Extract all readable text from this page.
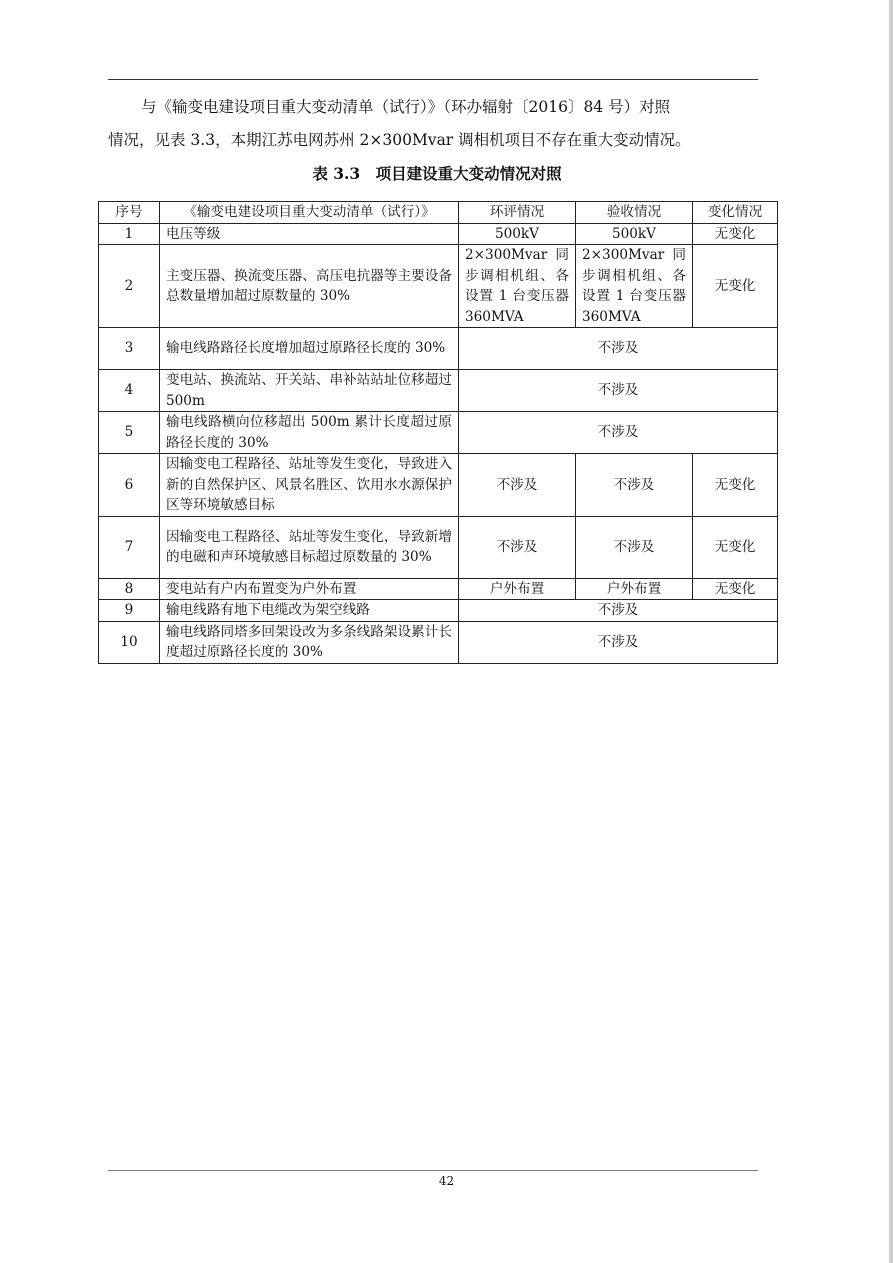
与《输变电建设项目重大变动清单（试行）》（环办辐射〔2016〕84 号）对照
情况，见表 3.3，本期江苏电网苏州 2×300Mvar 调相机项目不存在重大变动情况。
表 3.3　项目建设重大变动情况对照
序号	《输变电建设项目重大变动清单（试行）》	环评情况	验收情况	变化情况
1	电压等级	500kV	500kV	无变化
2	主变压器、换流变压器、高压电抗器等主要设备总数量增加超过原数量的 30%	2×300Mvar 同步调相机组、各设置 1 台变压器 360MVA	2×300Mvar 同步调相机组、各设置 1 台变压器 360MVA	无变化
3	输电线路路径长度增加超过原路径长度的 30%	不涉及		
4	变电站、换流站、开关站、串补站站址位移超过 500m	不涉及		
5	输电线路横向位移超出 500m 累计长度超过原路径长度的 30%	不涉及		
6	因输变电工程路径、站址等发生变化，导致进入新的自然保护区、风景名胜区、饮用水水源保护区等环境敏感目标	不涉及	不涉及	无变化
7	因输变电工程路径、站址等发生变化，导致新增的电磁和声环境敏感目标超过原数量的 30%	不涉及	不涉及	无变化
8	变电站有户内布置变为户外布置	户外布置	户外布置	无变化
9	输电线路有地下电缆改为架空线路	不涉及		
10	输电线路同塔多回架设改为多条线路架设累计长度超过原路径长度的 30%	不涉及		
42
